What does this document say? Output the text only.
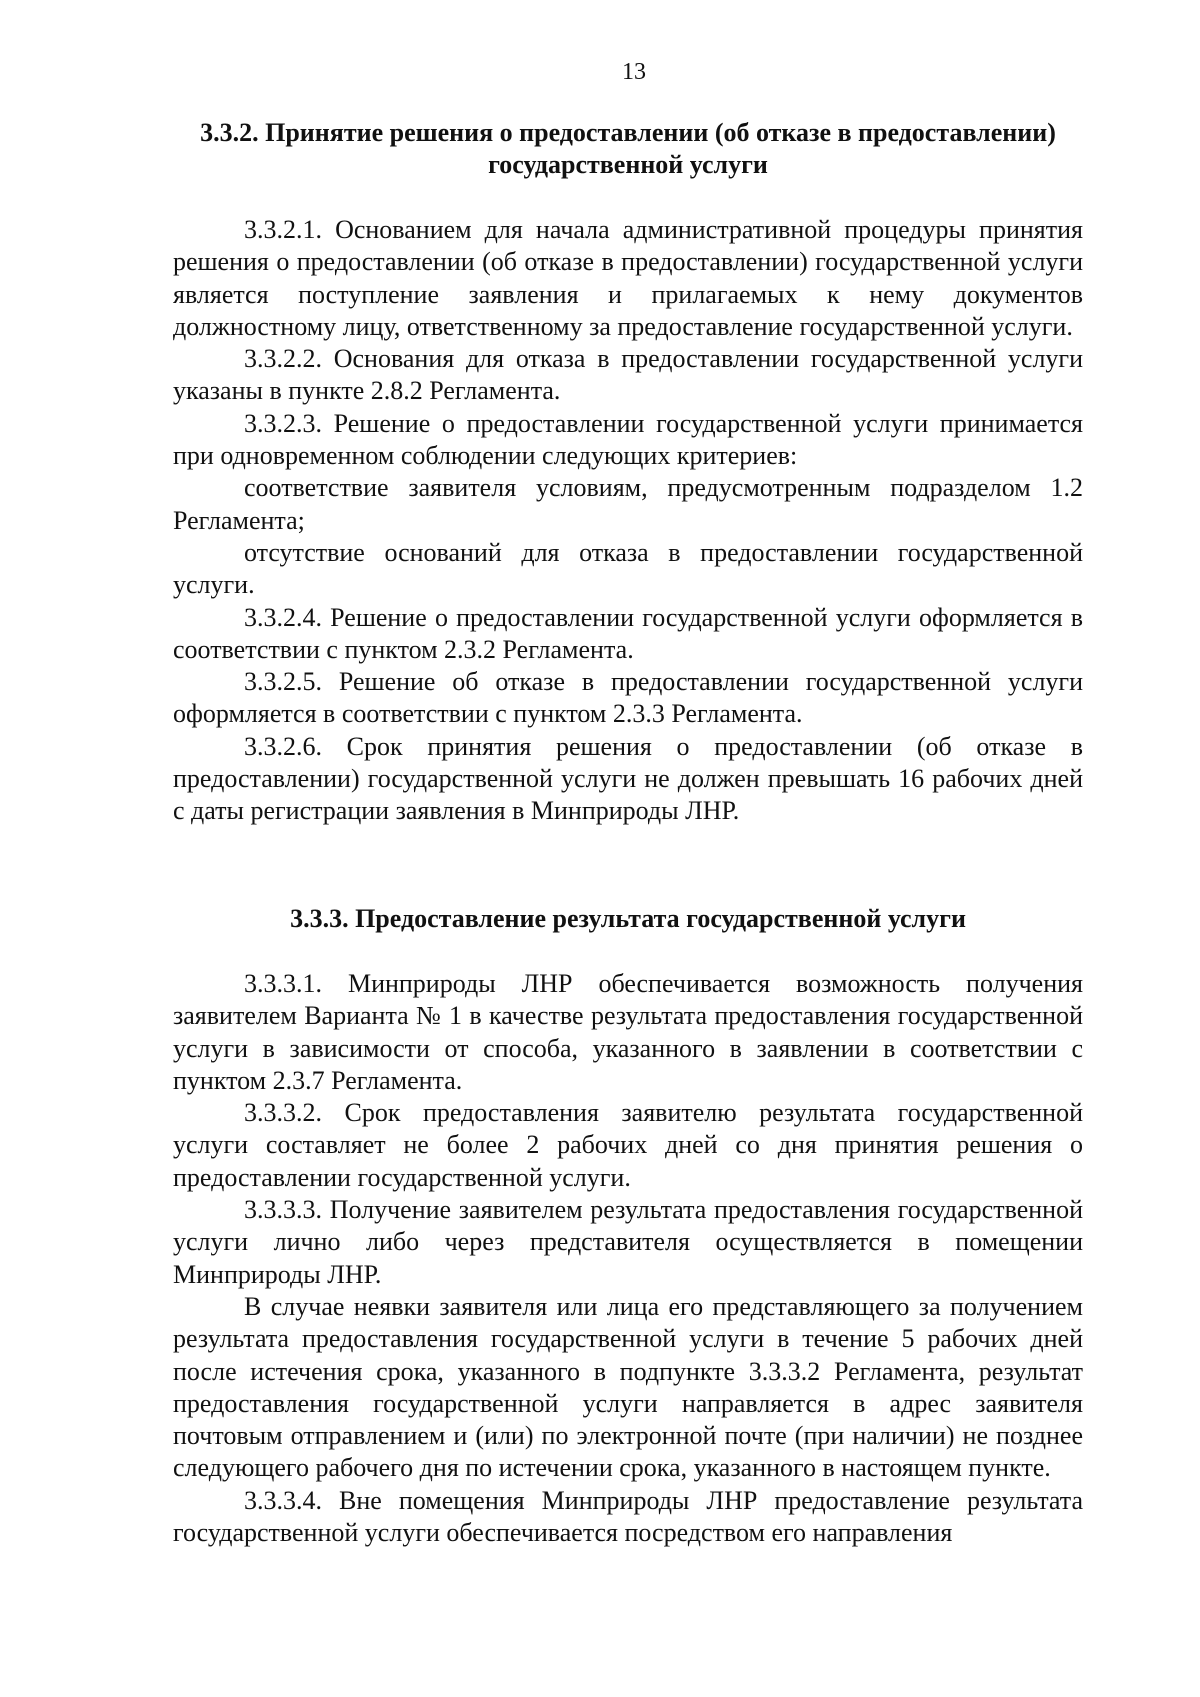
13
3.3.2. Принятие решения о предоставлении (об отказе в предоставлении) государственной услуги

3.3.2.1. Основанием для начала административной процедуры принятия решения о предоставлении (об отказе в предоставлении) государственной услуги является поступление заявления и прилагаемых к нему документов должностному лицу, ответственному за предоставление государственной услуги.

3.3.2.2. Основания для отказа в предоставлении государственной услуги указаны в пункте 2.8.2 Регламента.

3.3.2.3. Решение о предоставлении государственной услуги принимается при одновременном соблюдении следующих критериев:

соответствие заявителя условиям, предусмотренным подразделом 1.2 Регламента;

отсутствие оснований для отказа в предоставлении государственной услуги.

3.3.2.4. Решение о предоставлении государственной услуги оформляется в соответствии с пунктом 2.3.2 Регламента.

3.3.2.5. Решение об отказе в предоставлении государственной услуги оформляется в соответствии с пунктом 2.3.3 Регламента.

3.3.2.6. Срок принятия решения о предоставлении (об отказе в предоставлении) государственной услуги не должен превышать 16 рабочих дней с даты регистрации заявления в Минприроды ЛНР.

3.3.3. Предоставление результата государственной услуги

3.3.3.1. Минприроды ЛНР обеспечивается возможность получения заявителем Варианта № 1 в качестве результата предоставления государственной услуги в зависимости от способа, указанного в заявлении в соответствии с пунктом 2.3.7 Регламента.

3.3.3.2. Срок предоставления заявителю результата государственной услуги составляет не более 2 рабочих дней со дня принятия решения о предоставлении государственной услуги.

3.3.3.3. Получение заявителем результата предоставления государственной услуги лично либо через представителя осуществляется в помещении Минприроды ЛНР.

В случае неявки заявителя или лица его представляющего за получением результата предоставления государственной услуги в течение 5 рабочих дней после истечения срока, указанного в подпункте 3.3.3.2 Регламента, результат предоставления государственной услуги направляется в адрес заявителя почтовым отправлением и (или) по электронной почте (при наличии) не позднее следующего рабочего дня по истечении срока, указанного в настоящем пункте.

3.3.3.4. Вне помещения Минприроды ЛНР предоставление результата государственной услуги обеспечивается посредством его направления
